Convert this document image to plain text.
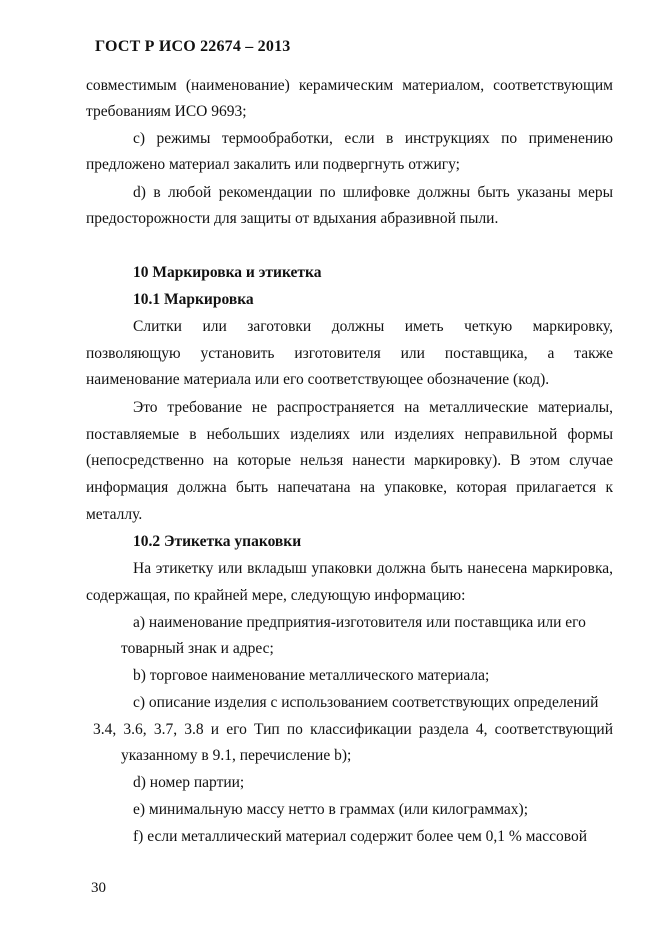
ГОСТ Р ИСО 22674 – 2013
совместимым (наименование) керамическим материалом, соответствующим
требованиям ИСО 9693;
c) режимы термообработки, если в инструкциях по применению
предложено материал закалить или подвергнуть отжигу;
d) в любой рекомендации по шлифовке должны быть указаны меры
предосторожности для защиты от вдыхания абразивной пыли.
10 Маркировка и этикетка
10.1 Маркировка
Слитки или заготовки должны иметь четкую маркировку,
позволяющую установить изготовителя или поставщика, а также
наименование материала или его соответствующее обозначение (код).
Это требование не распространяется на металлические материалы,
поставляемые в небольших изделиях или изделиях неправильной формы
(непосредственно на которые нельзя нанести маркировку). В этом случае
информация должна быть напечатана на упаковке, которая прилагается к
металлу.
10.2 Этикетка упаковки
На этикетку или вкладыш упаковки должна быть нанесена маркировка,
содержащая, по крайней мере, следующую информацию:
a) наименование предприятия-изготовителя или поставщика или его
товарный знак и адрес;
b) торговое наименование металлического материала;
c) описание изделия с использованием соответствующих определений
3.4, 3.6, 3.7, 3.8 и его Тип по классификации раздела 4, соответствующий
указанному в 9.1, перечисление b);
d) номер партии;
e) минимальную массу нетто в граммах (или килограммах);
f) если металлический материал содержит более чем 0,1 % массовой
30
